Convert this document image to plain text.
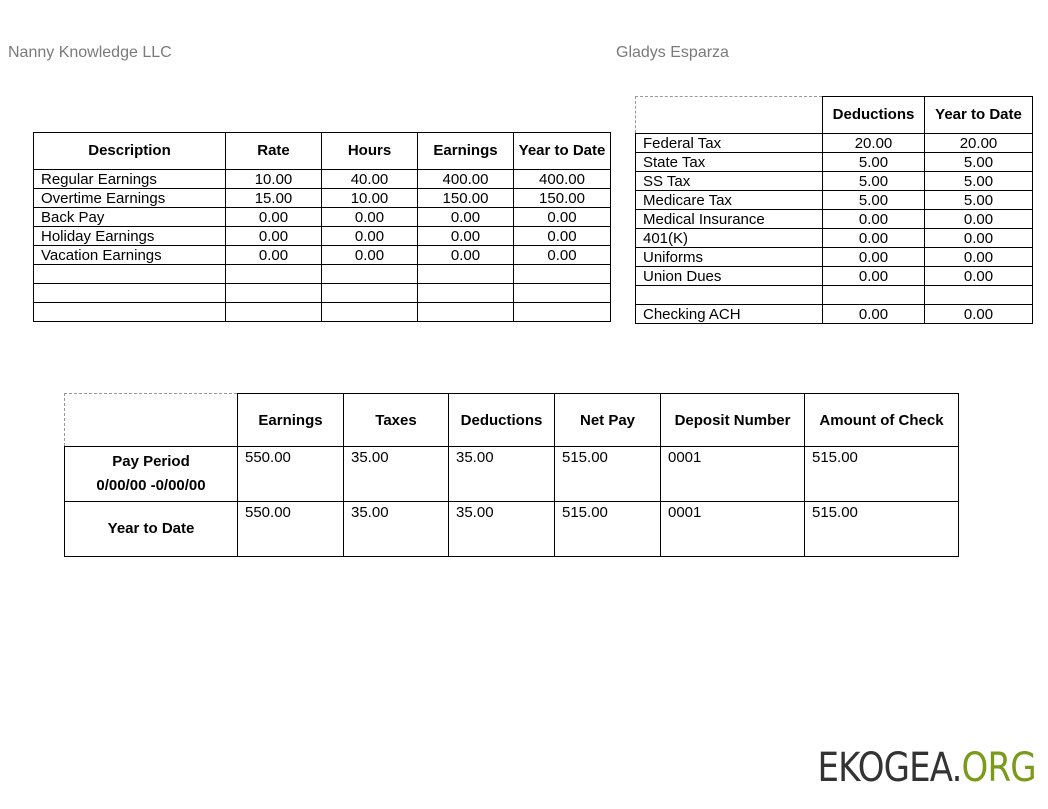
Nanny Knowledge LLC	Gladys Esparza
Description	Rate	Hours	Earnings	Year to Date
Regular Earnings	10.00	40.00	400.00	400.00
Overtime Earnings	15.00	10.00	150.00	150.00
Back Pay	0.00	0.00	0.00	0.00
Holiday Earnings	0.00	0.00	0.00	0.00
Vacation Earnings	0.00	0.00	0.00	0.00

	Deductions	Year to Date
Federal Tax	20.00	20.00
State Tax	5.00	5.00
SS Tax	5.00	5.00
Medicare Tax	5.00	5.00
Medical Insurance	0.00	0.00
401(K)	0.00	0.00
Uniforms	0.00	0.00
Union Dues	0.00	0.00

Checking ACH	0.00	0.00
	Earnings	Taxes	Deductions	Net Pay	Deposit Number	Amount of Check

Pay Period
0/00/00 -0/00/00	550.00	35.00	35.00	515.00	0001	515.00
Year to Date	550.00	35.00	35.00	515.00	0001	515.00
EKOGEA.ORG
